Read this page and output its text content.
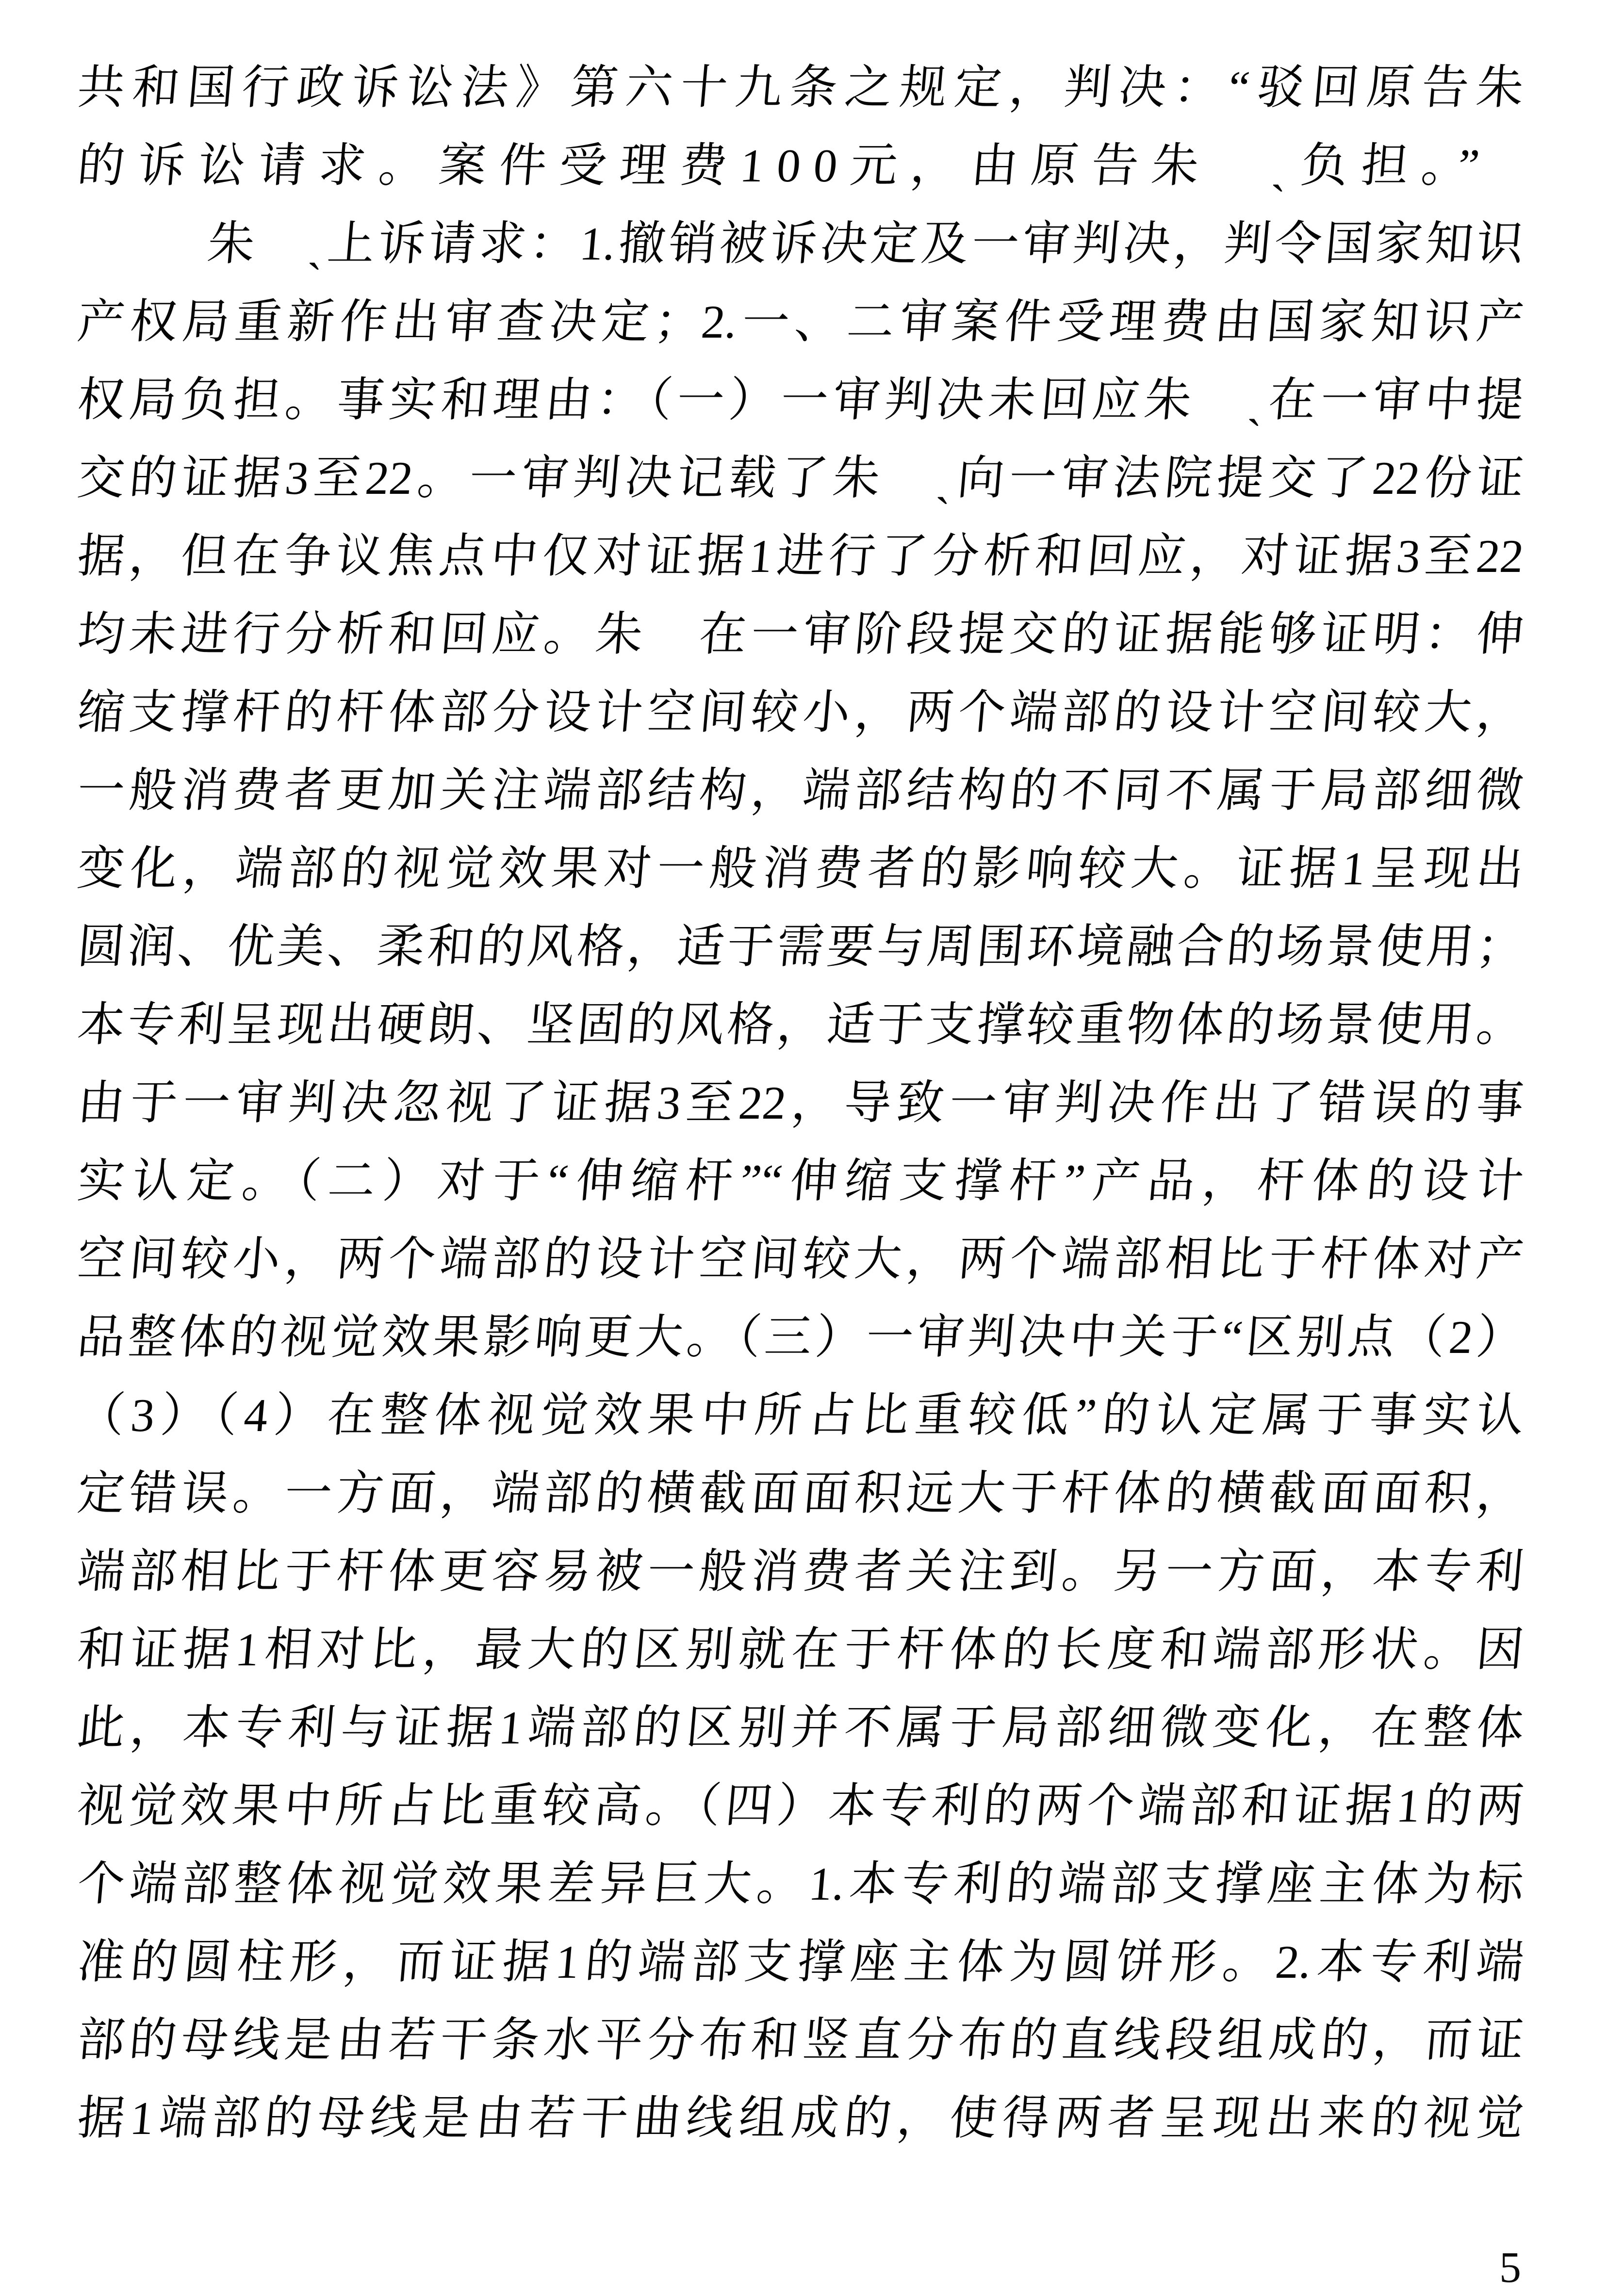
共和国行政诉讼法》第六十九条之规定，判决：“驳回原告朱
的诉讼请求。案件受理费100元，由原告朱　ˏ负担。”
朱　ˏ上诉请求：1.撤销被诉决定及一审判决，判令国家知识
产权局重新作出审查决定；2.一、二审案件受理费由国家知识产
权局负担。事实和理由：（一）一审判决未回应朱　ˏ在一审中提
交的证据3至22。一审判决记载了朱　ˏ向一审法院提交了22份证
据，但在争议焦点中仅对证据1进行了分析和回应，对证据3至22
均未进行分析和回应。朱　在一审阶段提交的证据能够证明：伸
缩支撑杆的杆体部分设计空间较小，两个端部的设计空间较大，
一般消费者更加关注端部结构，端部结构的不同不属于局部细微
变化，端部的视觉效果对一般消费者的影响较大。证据1呈现出
圆润、优美、柔和的风格，适于需要与周围环境融合的场景使用；
本专利呈现出硬朗、坚固的风格，适于支撑较重物体的场景使用。
由于一审判决忽视了证据3至22，导致一审判决作出了错误的事
实认定。（二）对于“伸缩杆”“伸缩支撑杆”产品，杆体的设计
空间较小，两个端部的设计空间较大，两个端部相比于杆体对产
品整体的视觉效果影响更大。（三）一审判决中关于“区别点（2）
（3）（4）在整体视觉效果中所占比重较低”的认定属于事实认
定错误。一方面，端部的横截面面积远大于杆体的横截面面积，
端部相比于杆体更容易被一般消费者关注到。另一方面，本专利
和证据1相对比，最大的区别就在于杆体的长度和端部形状。因
此，本专利与证据1端部的区别并不属于局部细微变化，在整体
视觉效果中所占比重较高。（四）本专利的两个端部和证据1的两
个端部整体视觉效果差异巨大。1.本专利的端部支撑座主体为标
准的圆柱形，而证据1的端部支撑座主体为圆饼形。2.本专利端
部的母线是由若干条水平分布和竖直分布的直线段组成的，而证
据1端部的母线是由若干曲线组成的，使得两者呈现出来的视觉
5
